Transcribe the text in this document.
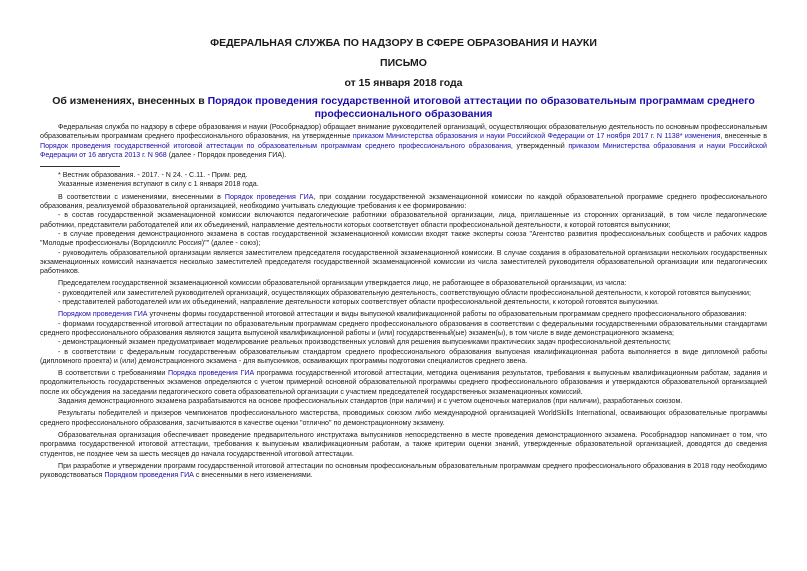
ФЕДЕРАЛЬНАЯ СЛУЖБА ПО НАДЗОРУ В СФЕРЕ ОБРАЗОВАНИЯ И НАУКИ
ПИСЬМО
от 15 января 2018 года
Об изменениях, внесенных в Порядок проведения государственной итоговой аттестации по образовательным программам среднего профессионального образования

Федеральная служба по надзору в сфере образования и науки (Рособрнадзор) обращает внимание руководителей организаций, осуществляющих образовательную деятельность по основным профессиональным образовательным программам среднего профессионального образования, на утвержденные приказом Министерства образования и науки Российской Федерации от 17 ноября 2017 г. N 1138* изменения, внесенные в Порядок проведения государственной итоговой аттестации по образовательным программам среднего профессионального образования, утвержденный приказом Министерства образования и науки Российской Федерации от 16 августа 2013 г. N 968 (далее - Порядок проведения ГИА).

* Вестник образования. - 2017. - N 24. - С.11. - Прим. ред.

Указанные изменения вступают в силу с 1 января 2018 года.

В соответствии с изменениями, внесенными в Порядок проведения ГИА, при создании государственной экзаменационной комиссии по каждой образовательной программе среднего профессионального образования, реализуемой образовательной организацией, необходимо учитывать следующие требования к ее формированию:

- в состав государственной экзаменационной комиссии включаются педагогические работники образовательной организации, лица, приглашенные из сторонних организаций, в том числе педагогические работники, представители работодателей или их объединений, направление деятельности которых соответствует области профессиональной деятельности, к которой готовятся выпускники;

- в случае проведения демонстрационного экзамена в состав государственной экзаменационной комиссии входят также эксперты союза "Агентство развития профессиональных сообществ и рабочих кадров "Молодые профессионалы (Ворлдскиллс Россия)"" (далее - союз);

- руководитель образовательной организации является заместителем председателя государственной экзаменационной комиссии. В случае создания в образовательной организации нескольких государственных экзаменационных комиссий назначается несколько заместителей председателя государственной экзаменационной комиссии из числа заместителей руководителя образовательной организации или педагогических работников.

Председателем государственной экзаменационной комиссии образовательной организации утверждается лицо, не работающее в образовательной организации, из числа:

- руководителей или заместителей руководителей организаций, осуществляющих образовательную деятельность, соответствующую области профессиональной деятельности, к которой готовятся выпускники;

- представителей работодателей или их объединений, направление деятельности которых соответствует области профессиональной деятельности, к которой готовятся выпускники.

Порядком проведения ГИА уточнены формы государственной итоговой аттестации и виды выпускной квалификационной работы по образовательным программам среднего профессионального образования:

- формами государственной итоговой аттестации по образовательным программам среднего профессионального образования в соответствии с федеральными государственными образовательными стандартами среднего профессионального образования являются защита выпускной квалификационной работы и (или) государственный(ые) экзамен(ы), в том числе в виде демонстрационного экзамена;

- демонстрационный экзамен предусматривает моделирование реальных производственных условий для решения выпускниками практических задач профессиональной деятельности;

- в соответствии с федеральным государственным образовательным стандартом среднего профессионального образования выпускная квалификационная работа выполняется в виде дипломной работы (дипломного проекта) и (или) демонстрационного экзамена - для выпускников, осваивающих программы подготовки специалистов среднего звена.

В соответствии с требованиями Порядка проведения ГИА программа государственной итоговой аттестации, методика оценивания результатов, требования к выпускным квалификационным работам, задания и продолжительность государственных экзаменов определяются с учетом примерной основной образовательной программы среднего профессионального образования и утверждаются образовательной организацией после их обсуждения на заседании педагогического совета образовательной организации с участием председателей государственных экзаменационных комиссий.

Задания демонстрационного экзамена разрабатываются на основе профессиональных стандартов (при наличии) и с учетом оценочных материалов (при наличии), разработанных союзом.

Результаты победителей и призеров чемпионатов профессионального мастерства, проводимых союзом либо международной организацией WorldSkills International, осваивающих образовательные программы среднего профессионального образования, засчитываются в качестве оценки "отлично" по демонстрационному экзамену.

Образовательная организация обеспечивает проведение предварительного инструктажа выпускников непосредственно в месте проведения демонстрационного экзамена. Рособрнадзор напоминает о том, что программа государственной итоговой аттестации, требования к выпускным квалификационным работам, а также критерии оценки знаний, утвержденные образовательной организацией, доводятся до сведения студентов, не позднее чем за шесть месяцев до начала государственной итоговой аттестации.

При разработке и утверждении программ государственной итоговой аттестации по основным профессиональным образовательным программам среднего профессионального образования в 2018 году необходимо руководствоваться Порядком проведения ГИА с внесенными в него изменениями.
